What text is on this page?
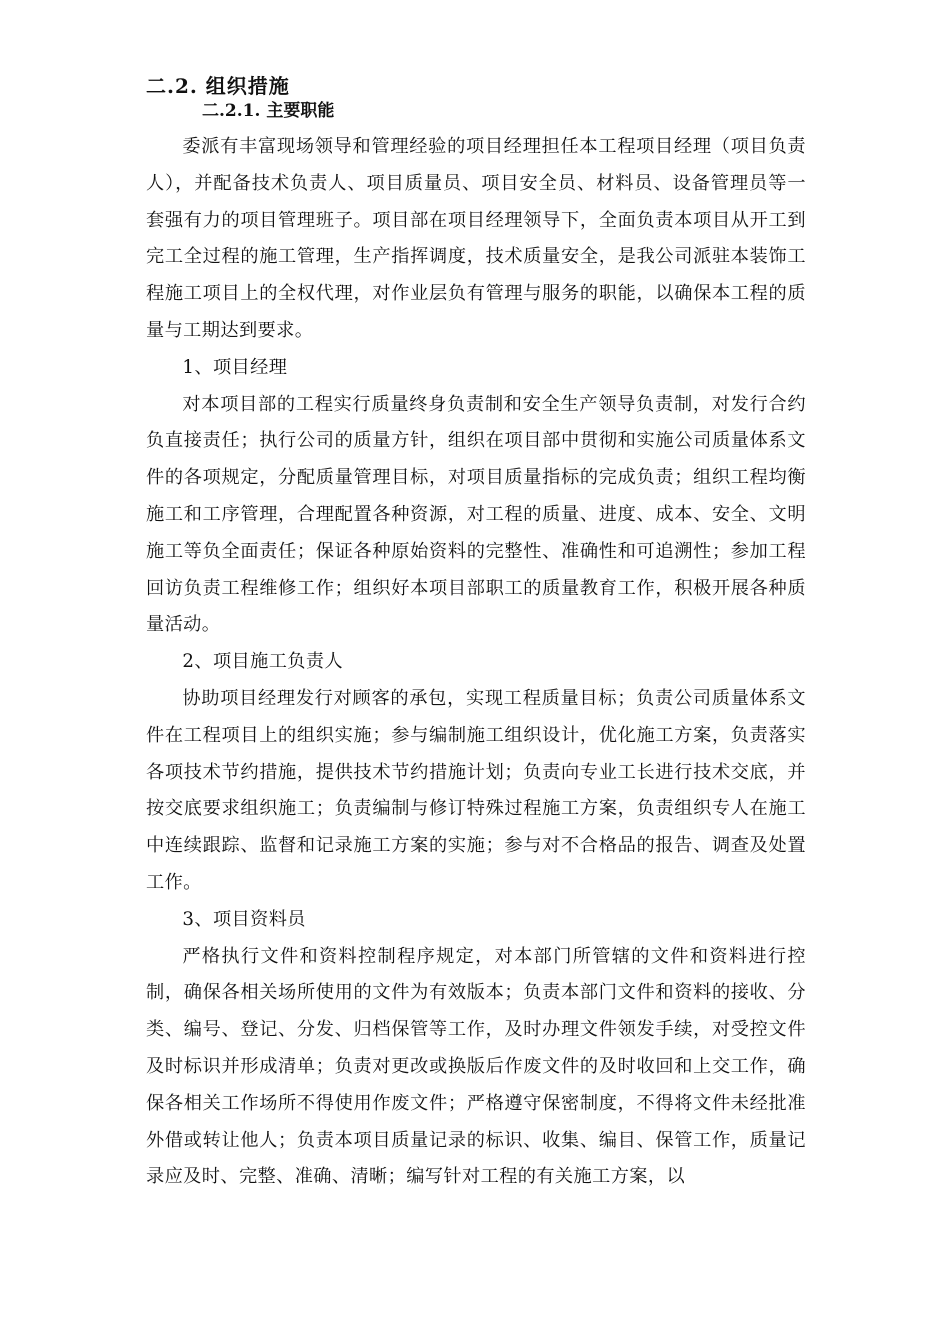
二.2. 组织措施
二.2.1. 主要职能

委派有丰富现场领导和管理经验的项目经理担任本工程项目经理（项目负责人），并配备技术负责人、项目质量员、项目安全员、材料员、设备管理员等一套强有力的项目管理班子。项目部在项目经理领导下，全面负责本项目从开工到完工全过程的施工管理，生产指挥调度，技术质量安全，是我公司派驻本装饰工程施工项目上的全权代理，对作业层负有管理与服务的职能，以确保本工程的质量与工期达到要求。

1、项目经理

对本项目部的工程实行质量终身负责制和安全生产领导负责制，对发行合约负直接责任；执行公司的质量方针，组织在项目部中贯彻和实施公司质量体系文件的各项规定，分配质量管理目标，对项目质量指标的完成负责；组织工程均衡施工和工序管理，合理配置各种资源，对工程的质量、进度、成本、安全、文明施工等负全面责任；保证各种原始资料的完整性、准确性和可追溯性；参加工程回访负责工程维修工作；组织好本项目部职工的质量教育工作，积极开展各种质量活动。

2、项目施工负责人

协助项目经理发行对顾客的承包，实现工程质量目标；负责公司质量体系文件在工程项目上的组织实施；参与编制施工组织设计，优化施工方案，负责落实各项技术节约措施，提供技术节约措施计划；负责向专业工长进行技术交底，并按交底要求组织施工；负责编制与修订特殊过程施工方案，负责组织专人在施工中连续跟踪、监督和记录施工方案的实施；参与对不合格品的报告、调查及处置工作。

3、项目资料员

严格执行文件和资料控制程序规定，对本部门所管辖的文件和资料进行控制，确保各相关场所使用的文件为有效版本；负责本部门文件和资料的接收、分类、编号、登记、分发、归档保管等工作，及时办理文件领发手续，对受控文件及时标识并形成清单；负责对更改或换版后作废文件的及时收回和上交工作，确保各相关工作场所不得使用作废文件；严格遵守保密制度，不得将文件未经批准外借或转让他人；负责本项目质量记录的标识、收集、编目、保管工作，质量记录应及时、完整、准确、清晰；编写针对工程的有关施工方案，以
